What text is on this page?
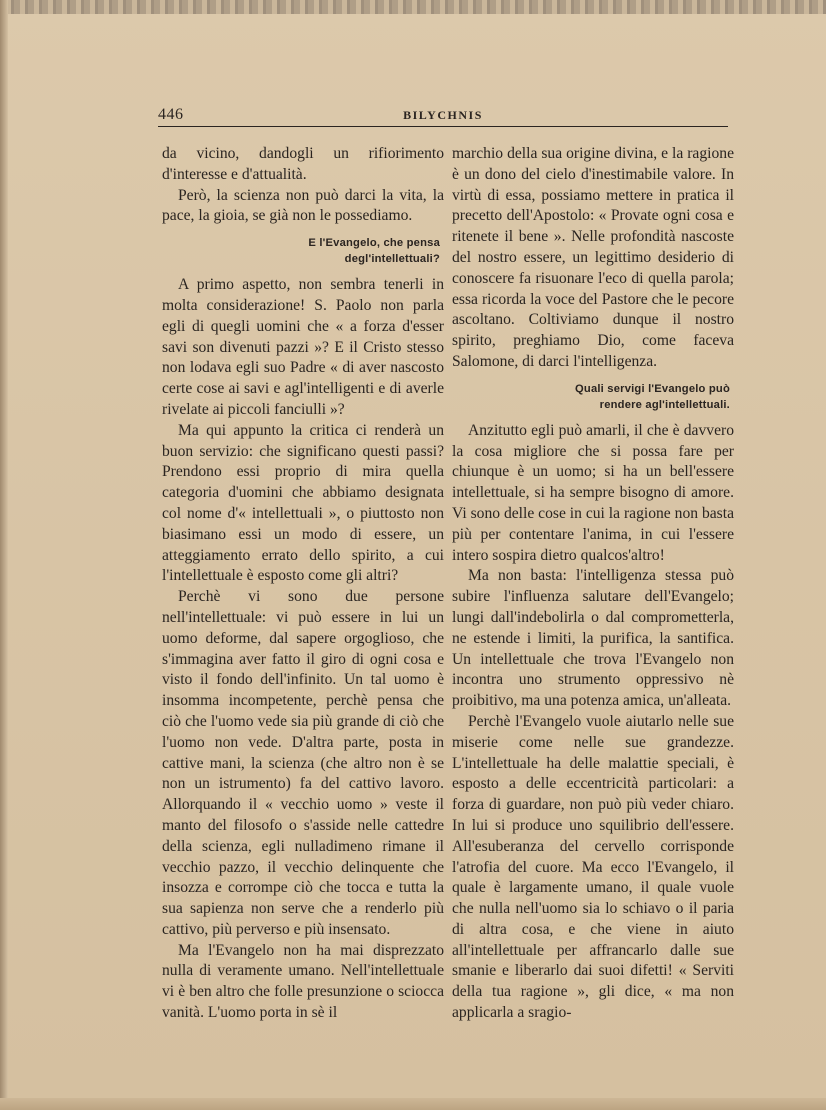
446	BILYCHNIS

da vicino, dandogli un rifiorimento d'interesse e d'attualità.

Però, la scienza non può darci la vita, la pace, la gioia, se già non le possediamo.

E l'Evangelo, che pensa
degl'intellettuali?

A primo aspetto, non sembra tenerli in molta considerazione! S. Paolo non parla egli di quegli uomini che « a forza d'esser savi son divenuti pazzi »? E il Cristo stesso non lodava egli suo Padre « di aver nascosto certe cose ai savi e agl'intelligenti e di averle rivelate ai piccoli fanciulli »?

Ma qui appunto la critica ci renderà un buon servizio: che significano questi passi? Prendono essi proprio di mira quella categoria d'uomini che abbiamo designata col nome d'« intellettuali », o piuttosto non biasimano essi un modo di essere, un atteggiamento errato dello spirito, a cui l'intellettuale è esposto come gli altri?

Perchè vi sono due persone nell'intellettuale: vi può essere in lui un uomo deforme, dal sapere orgoglioso, che s'immagina aver fatto il giro di ogni cosa e visto il fondo dell'infinito. Un tal uomo è insomma incompetente, perchè pensa che ciò che l'uomo vede sia più grande di ciò che l'uomo non vede. D'altra parte, posta in cattive mani, la scienza (che altro non è se non un istrumento) fa del cattivo lavoro. Allorquando il « vecchio uomo » veste il manto del filosofo o s'asside nelle cattedre della scienza, egli nulladimeno rimane il vecchio pazzo, il vecchio delinquente che insozza e corrompe ciò che tocca e tutta la sua sapienza non serve che a renderlo più cattivo, più perverso e più insensato.

Ma l'Evangelo non ha mai disprezzato nulla di veramente umano. Nell'intellettuale vi è ben altro che folle presunzione o sciocca vanità. L'uomo porta in sè il

marchio della sua origine divina, e la ragione è un dono del cielo d'inestimabile valore. In virtù di essa, possiamo mettere in pratica il precetto dell'Apostolo: « Provate ogni cosa e ritenete il bene ». Nelle profondità nascoste del nostro essere, un legittimo desiderio di conoscere fa risuonare l'eco di quella parola; essa ricorda la voce del Pastore che le pecore ascoltano. Coltiviamo dunque il nostro spirito, preghiamo Dio, come faceva Salomone, di darci l'intelligenza.

Quali servigi l'Evangelo può
rendere agl'intellettuali.

Anzitutto egli può amarli, il che è davvero la cosa migliore che si possa fare per chiunque è un uomo; si ha un bell'essere intellettuale, si ha sempre bisogno di amore. Vi sono delle cose in cui la ragione non basta più per contentare l'anima, in cui l'essere intero sospira dietro qualcos'altro!

Ma non basta: l'intelligenza stessa può subire l'influenza salutare dell'Evangelo; lungi dall'indebolirla o dal comprometterla, ne estende i limiti, la purifica, la santifica. Un intellettuale che trova l'Evangelo non incontra uno strumento oppressivo nè proibitivo, ma una potenza amica, un'alleata.

Perchè l'Evangelo vuole aiutarlo nelle sue miserie come nelle sue grandezze. L'intellettuale ha delle malattie speciali, è esposto a delle eccentricità particolari: a forza di guardare, non può più veder chiaro. In lui si produce uno squilibrio dell'essere. All'esuberanza del cervello corrisponde l'atrofia del cuore. Ma ecco l'Evangelo, il quale è largamente umano, il quale vuole che nulla nell'uomo sia lo schiavo o il paria di altra cosa, e che viene in aiuto all'intellettuale per affrancarlo dalle sue smanie e liberarlo dai suoi difetti! « Serviti della tua ragione », gli dice, « ma non applicarla a sragio-
